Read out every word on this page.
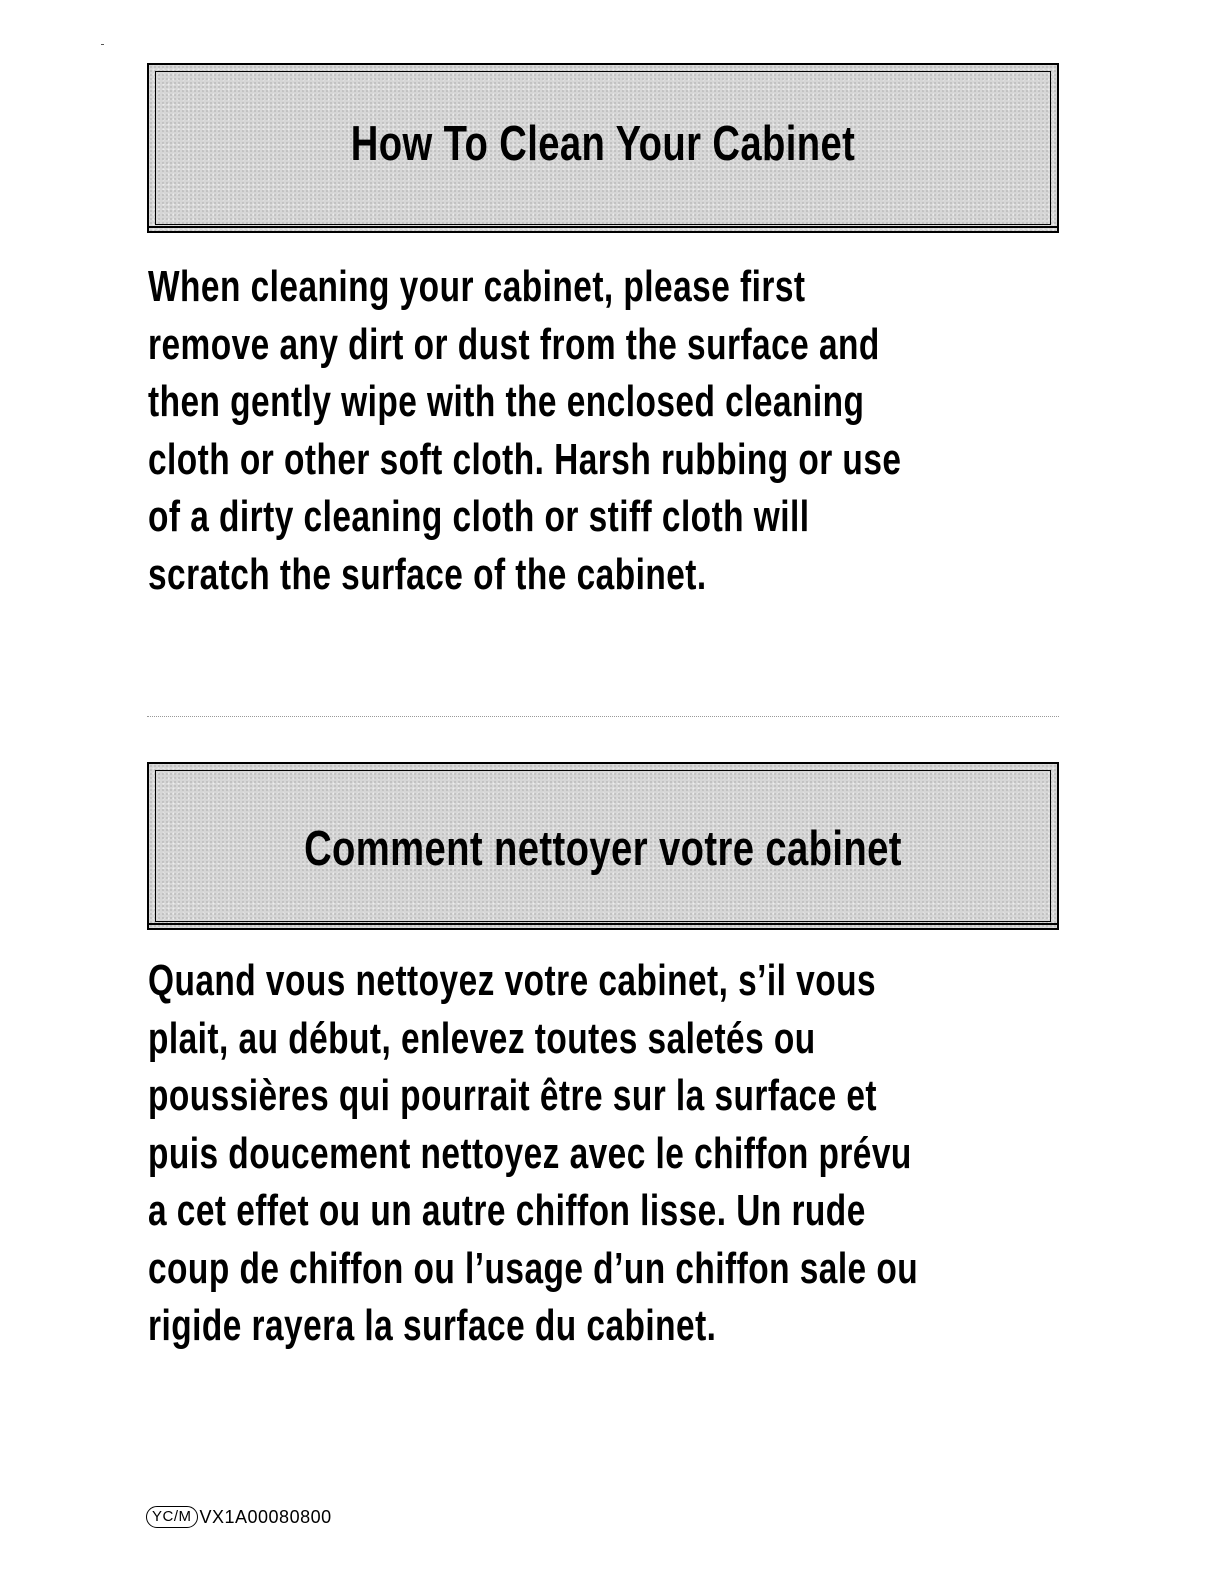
How To Clean Your Cabinet
When cleaning your cabinet, please first
remove any dirt or dust from the surface and
then gently wipe with the enclosed cleaning
cloth or other soft cloth. Harsh rubbing or use
of a dirty cleaning cloth or stiff cloth will
scratch the surface of the cabinet.
Comment nettoyer votre cabinet
Quand vous nettoyez votre cabinet, s’il vous
plait, au début, enlevez toutes saletés ou
poussières qui pourrait être sur la surface et
puis doucement nettoyez avec le chiffon prévu
a cet effet ou un autre chiffon lisse. Un rude
coup de chiffon ou l’usage d’un chiffon sale ou
rigide rayera la surface du cabinet.
YC/M VX1A00080800
